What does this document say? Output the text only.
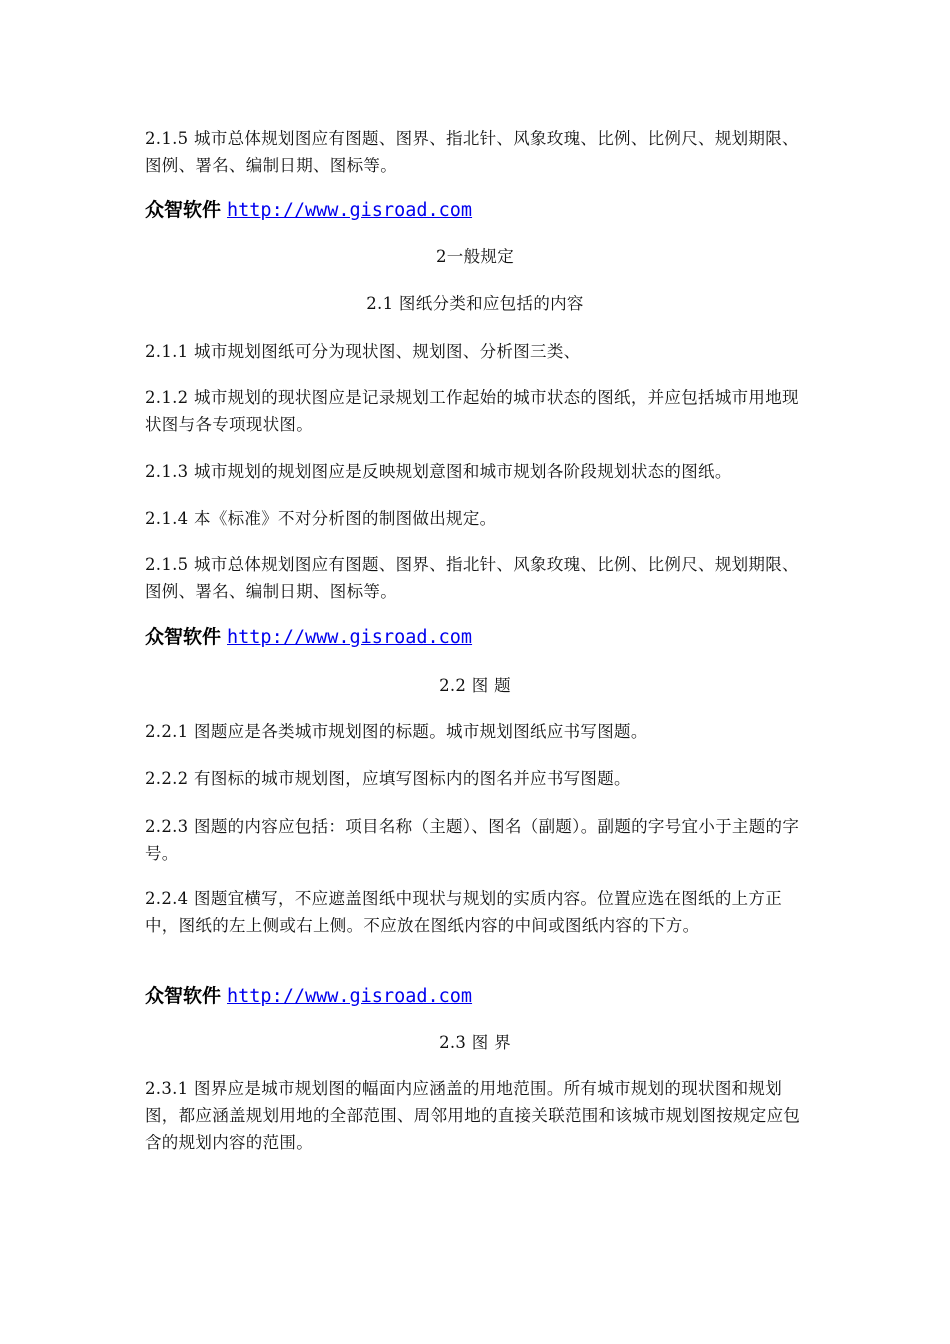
2.1.5 城市总体规划图应有图题、图界、指北针、风象玫瑰、比例、比例尺、规划期限、图例、署名、编制日期、图标等。
众智软件 http://www.gisroad.com
2一般规定
2.1 图纸分类和应包括的内容
2.1.1 城市规划图纸可分为现状图、规划图、分析图三类、
2.1.2 城市规划的现状图应是记录规划工作起始的城市状态的图纸，并应包括城市用地现状图与各专项现状图。
2.1.3 城市规划的规划图应是反映规划意图和城市规划各阶段规划状态的图纸。
2.1.4 本《标准》不对分析图的制图做出规定。
2.1.5 城市总体规划图应有图题、图界、指北针、风象玫瑰、比例、比例尺、规划期限、图例、署名、编制日期、图标等。
众智软件 http://www.gisroad.com
2.2 图 题
2.2.1 图题应是各类城市规划图的标题。城市规划图纸应书写图题。
2.2.2 有图标的城市规划图，应填写图标内的图名并应书写图题。
2.2.3 图题的内容应包括：项目名称（主题）、图名（副题）。副题的字号宜小于主题的字号。
2.2.4 图题宜横写，不应遮盖图纸中现状与规划的实质内容。位置应选在图纸的上方正中，图纸的左上侧或右上侧。不应放在图纸内容的中间或图纸内容的下方。
众智软件 http://www.gisroad.com
2.3 图 界
2.3.1 图界应是城市规划图的幅面内应涵盖的用地范围。所有城市规划的现状图和规划图，都应涵盖规划用地的全部范围、周邻用地的直接关联范围和该城市规划图按规定应包含的规划内容的范围。
